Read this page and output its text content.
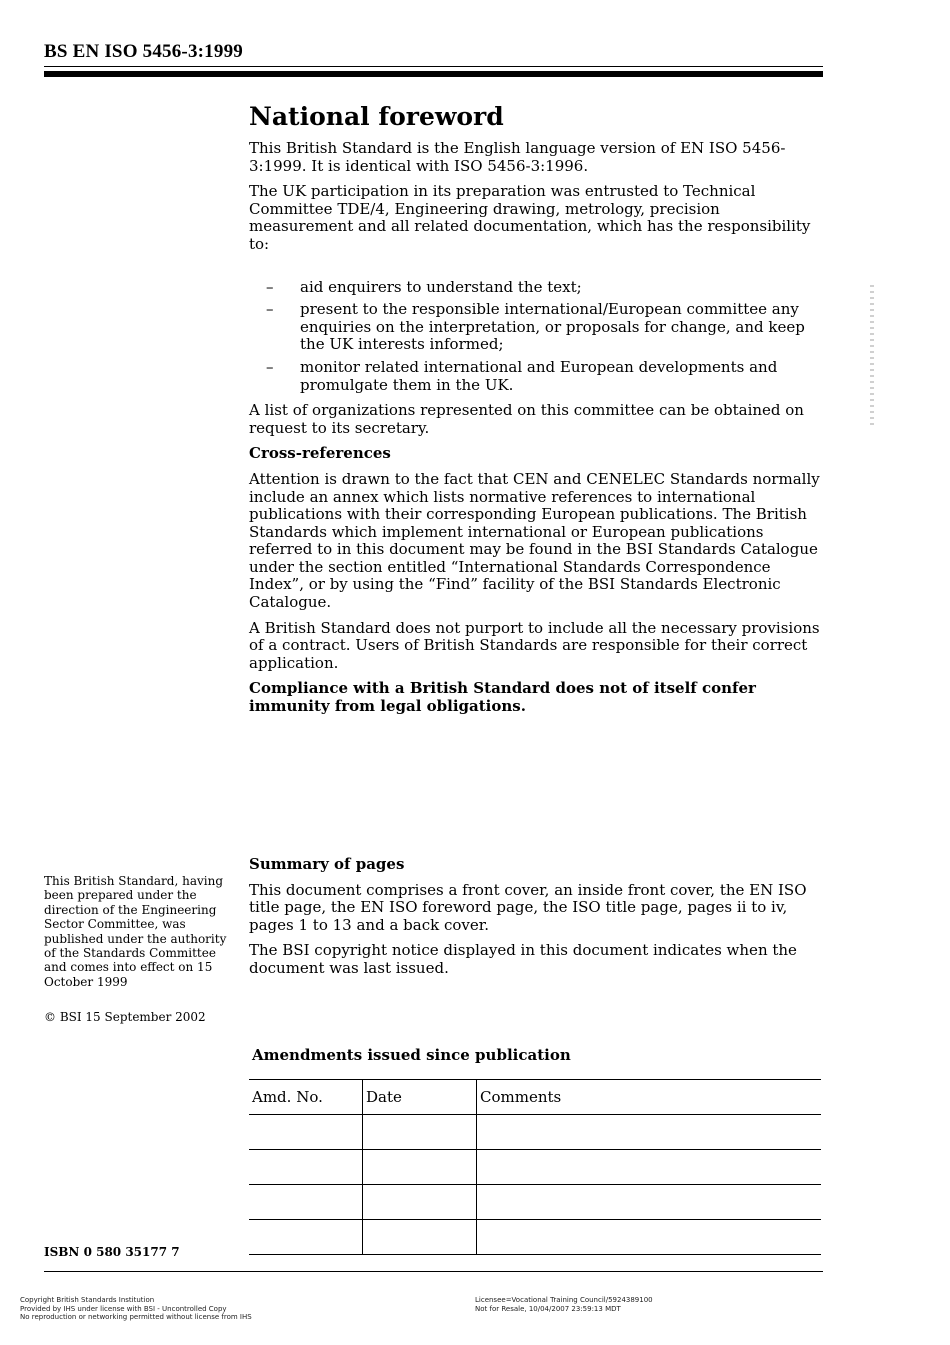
BS EN ISO 5456-3:1999
National foreword

This British Standard is the English language version of EN ISO 5456-3:1999. It is identical with ISO 5456-3:1996.

The UK participation in its preparation was entrusted to Technical Committee TDE/4, Engineering drawing, metrology, precision measurement and all related documentation, which has the responsibility to:

– aid enquirers to understand the text;
– present to the responsible international/European committee any enquiries on the interpretation, or proposals for change, and keep the UK interests informed;
– monitor related international and European developments and promulgate them in the UK.

A list of organizations represented on this committee can be obtained on request to its secretary.

Cross-references

Attention is drawn to the fact that CEN and CENELEC Standards normally include an annex which lists normative references to international publications with their corresponding European publications. The British Standards which implement international or European publications referred to in this document may be found in the BSI Standards Catalogue under the section entitled “International Standards Correspondence Index”, or by using the “Find” facility of the BSI Standards Electronic Catalogue.

A British Standard does not purport to include all the necessary provisions of a contract. Users of British Standards are responsible for their correct application.

Compliance with a British Standard does not of itself confer immunity from legal obligations.

Summary of pages

This document comprises a front cover, an inside front cover, the EN ISO title page, the EN ISO foreword page, the ISO title page, pages ii to iv, pages 1 to 13 and a back cover.

The BSI copyright notice displayed in this document indicates when the document was last issued.

This British Standard, having been prepared under the direction of the Engineering Sector Committee, was published under the authority of the Standards Committee and comes into effect on 15 October 1999
© BSI 15 September 2002
Amendments issued since publication
Amd. No.	Date	Comments

ISBN 0 580 35177 7
Copyright British Standards Institution
Provided by IHS under license with BSI - Uncontrolled Copy
No reproduction or networking permitted without license from IHS
Licensee=Vocational Training Council/5924389100
Not for Resale, 10/04/2007 23:59:13 MDT
